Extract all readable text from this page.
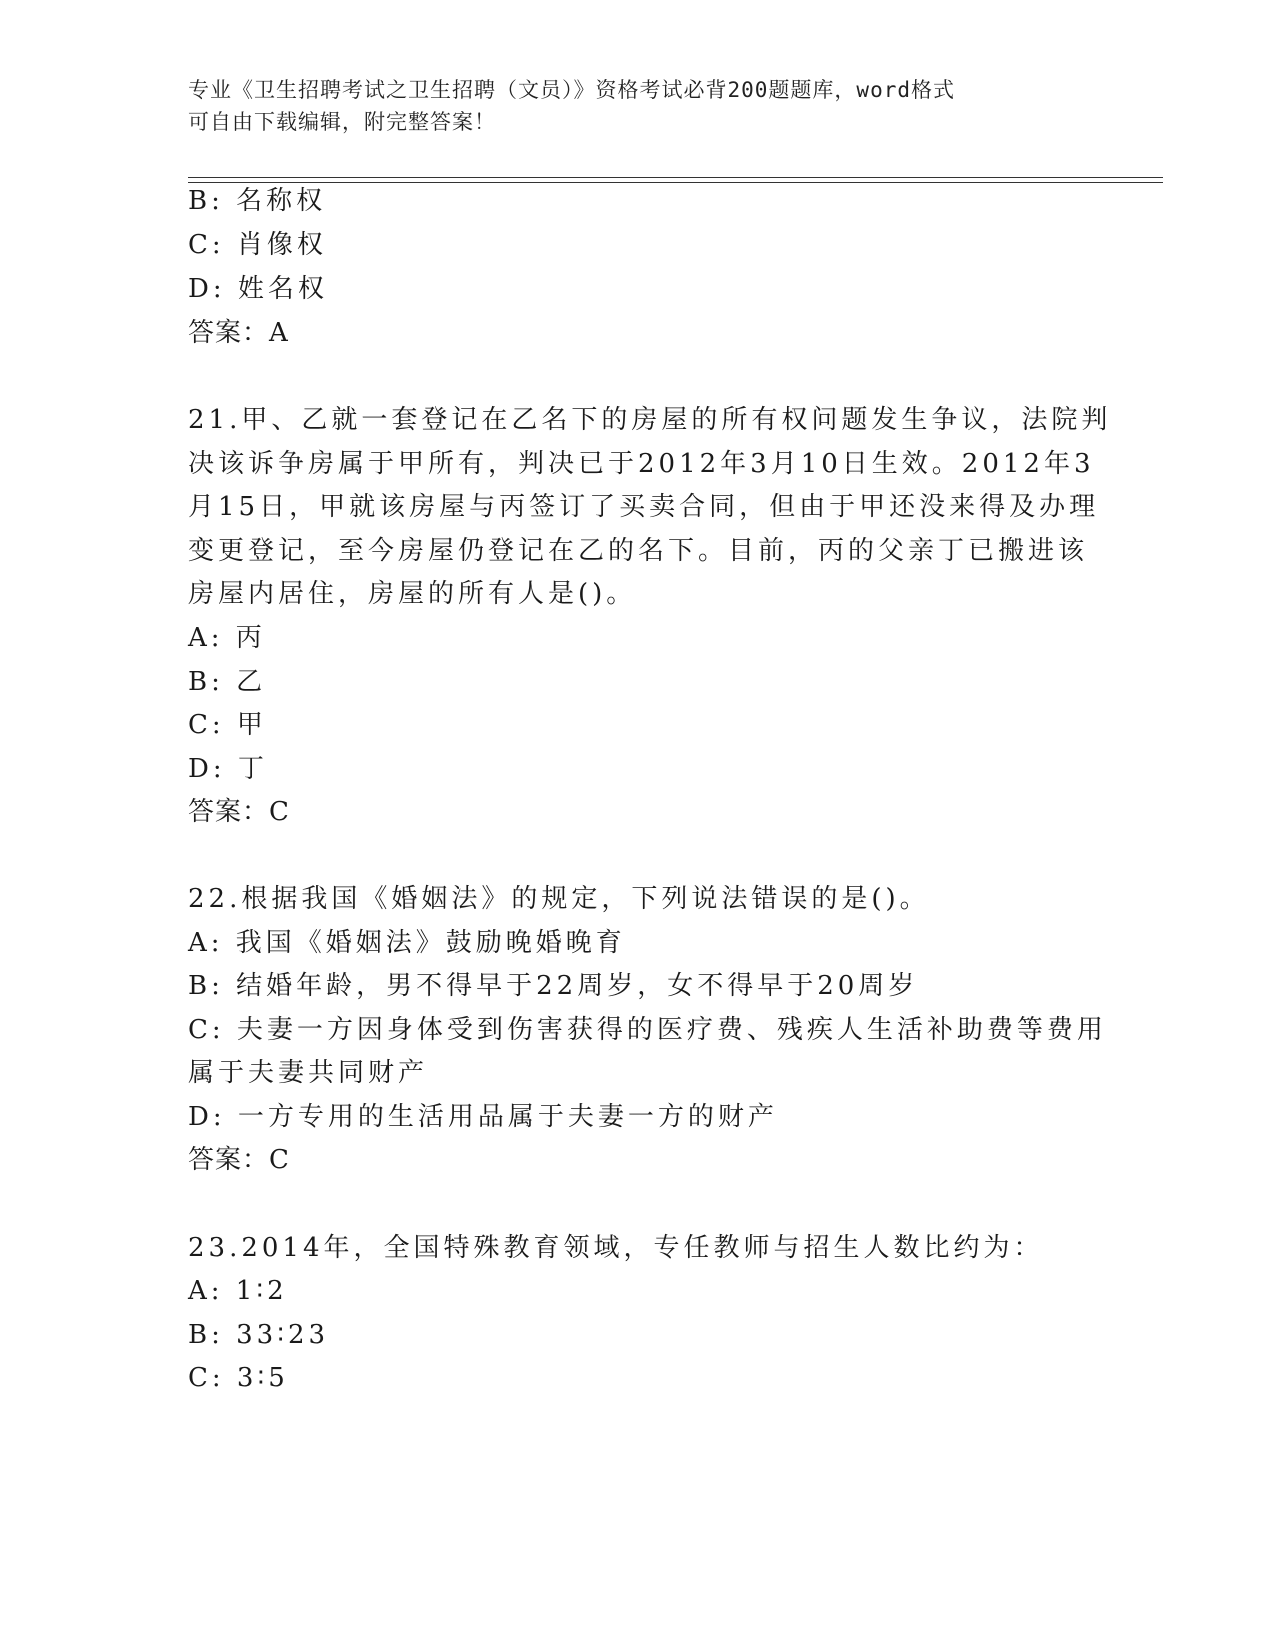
专业《卫生招聘考试之卫生招聘（文员）》资格考试必背200题题库，word格式
可自由下载编辑，附完整答案！
B: 名称权
C: 肖像权
D: 姓名权
答案：A
21.甲、乙就一套登记在乙名下的房屋的所有权问题发生争议，法院判
决该诉争房属于甲所有，判决已于2012年3月10日生效。2012年3
月15日，甲就该房屋与丙签订了买卖合同，但由于甲还没来得及办理
变更登记，至今房屋仍登记在乙的名下。目前，丙的父亲丁已搬进该
房屋内居住，房屋的所有人是()。
A: 丙
B: 乙
C: 甲
D: 丁
答案：C
22.根据我国《婚姻法》的规定，下列说法错误的是()。
A: 我国《婚姻法》鼓励晚婚晚育
B: 结婚年龄，男不得早于22周岁，女不得早于20周岁
C: 夫妻一方因身体受到伤害获得的医疗费、残疾人生活补助费等费用
属于夫妻共同财产
D: 一方专用的生活用品属于夫妻一方的财产
答案：C
23.2014年，全国特殊教育领域，专任教师与招生人数比约为：
A: 1∶2
B: 33∶23
C: 3∶5
